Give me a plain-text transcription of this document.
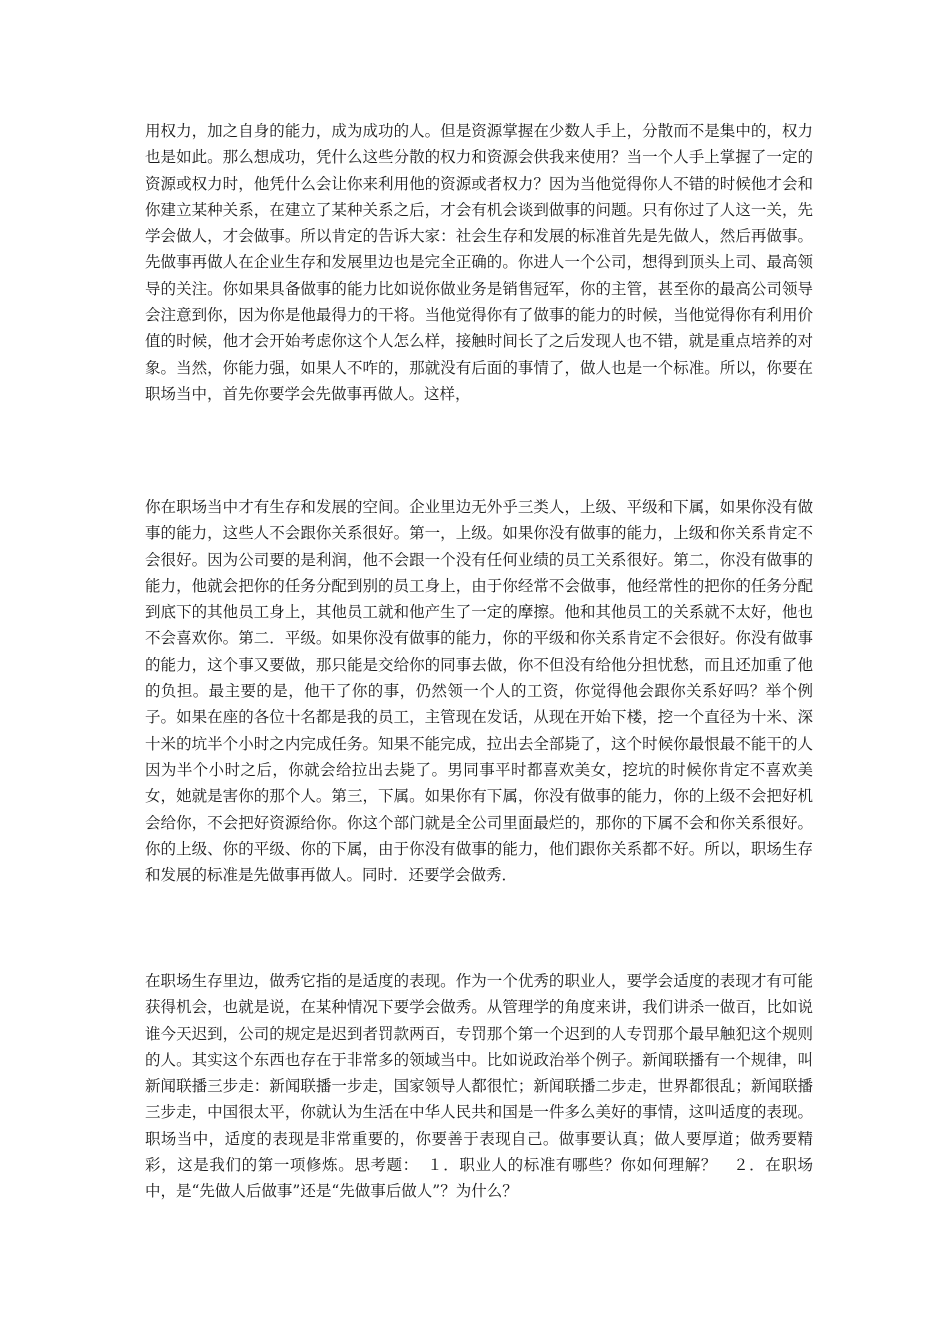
用权力，加之自身的能力，成为成功的人。但是资源掌握在少数人手上，分散而不是集中的，权力也是如此。那么想成功，凭什么这些分散的权力和资源会供我来使用？当一个人手上掌握了一定的资源或权力时，他凭什么会让你来利用他的资源或者权力？因为当他觉得你人不错的时候他才会和你建立某种关系，在建立了某种关系之后，才会有机会谈到做事的问题。只有你过了人这一关，先学会做人，才会做事。所以肯定的告诉大家：社会生存和发展的标准首先是先做人，然后再做事。先做事再做人在企业生存和发展里边也是完全正确的。你进人一个公司，想得到顶头上司、最高领导的关注。你如果具备做事的能力比如说你做业务是销售冠军，你的主管，甚至你的最高公司领导会注意到你，因为你是他最得力的干将。当他觉得你有了做事的能力的时候，当他觉得你有利用价值的时候，他才会开始考虑你这个人怎么样，接触时间长了之后发现人也不错，就是重点培养的对象。当然，你能力强，如果人不咋的，那就没有后面的事情了，做人也是一个标准。所以，你要在职场当中，首先你要学会先做事再做人。这样，

你在职场当中才有生存和发展的空间。企业里边无外乎三类人，上级、平级和下属，如果你没有做事的能力，这些人不会跟你关系很好。第一，上级。如果你没有做事的能力，上级和你关系肯定不会很好。因为公司要的是利润，他不会跟一个没有任何业绩的员工关系很好。第二，你没有做事的能力，他就会把你的任务分配到别的员工身上，由于你经常不会做事，他经常性的把你的任务分配到底下的其他员工身上，其他员工就和他产生了一定的摩擦。他和其他员工的关系就不太好，他也不会喜欢你。第二．平级。如果你没有做事的能力，你的平级和你关系肯定不会很好。你没有做事的能力，这个事又要做，那只能是交给你的同事去做，你不但没有给他分担忧愁，而且还加重了他的负担。最主要的是，他干了你的事，仍然领一个人的工资，你觉得他会跟你关系好吗？举个例子。如果在座的各位十名都是我的员工，主管现在发话，从现在开始下楼，挖一个直径为十米、深十米的坑半个小时之内完成任务。知果不能完成，拉出去全部毙了，这个时候你最恨最不能干的人因为半个小时之后，你就会给拉出去毙了。男同事平时都喜欢美女，挖坑的时候你肯定不喜欢美女，她就是害你的那个人。第三，下属。如果你有下属，你没有做事的能力，你的上级不会把好机会给你，不会把好资源给你。你这个部门就是全公司里面最烂的，那你的下属不会和你关系很好。你的上级、你的平级、你的下属，由于你没有做事的能力，他们跟你关系都不好。所以，职场生存和发展的标准是先做事再做人。同时．还要学会做秀．

在职场生存里边，做秀它指的是适度的表现。作为一个优秀的职业人，要学会适度的表现才有可能获得机会，也就是说，在某种情况下要学会做秀。从管理学的角度来讲，我们讲杀一做百，比如说谁今天迟到，公司的规定是迟到者罚款两百，专罚那个第一个迟到的人专罚那个最早触犯这个规则的人。其实这个东西也存在于非常多的领域当中。比如说政治举个例子。新闻联播有一个规律，叫新闻联播三步走：新闻联播一步走，国家领导人都很忙；新闻联播二步走，世界都很乱；新闻联播三步走，中国很太平，你就认为生活在中华人民共和国是一件多么美好的事情，这叫适度的表现。职场当中，适度的表现是非常重要的，你要善于表现自己。做事要认真；做人要厚道；做秀要精彩，这是我们的第一项修炼。思考题：　１．职业人的标准有哪些？你如何理解？　２．在职场中，是“先做人后做事”还是“先做事后做人”？为什么？
